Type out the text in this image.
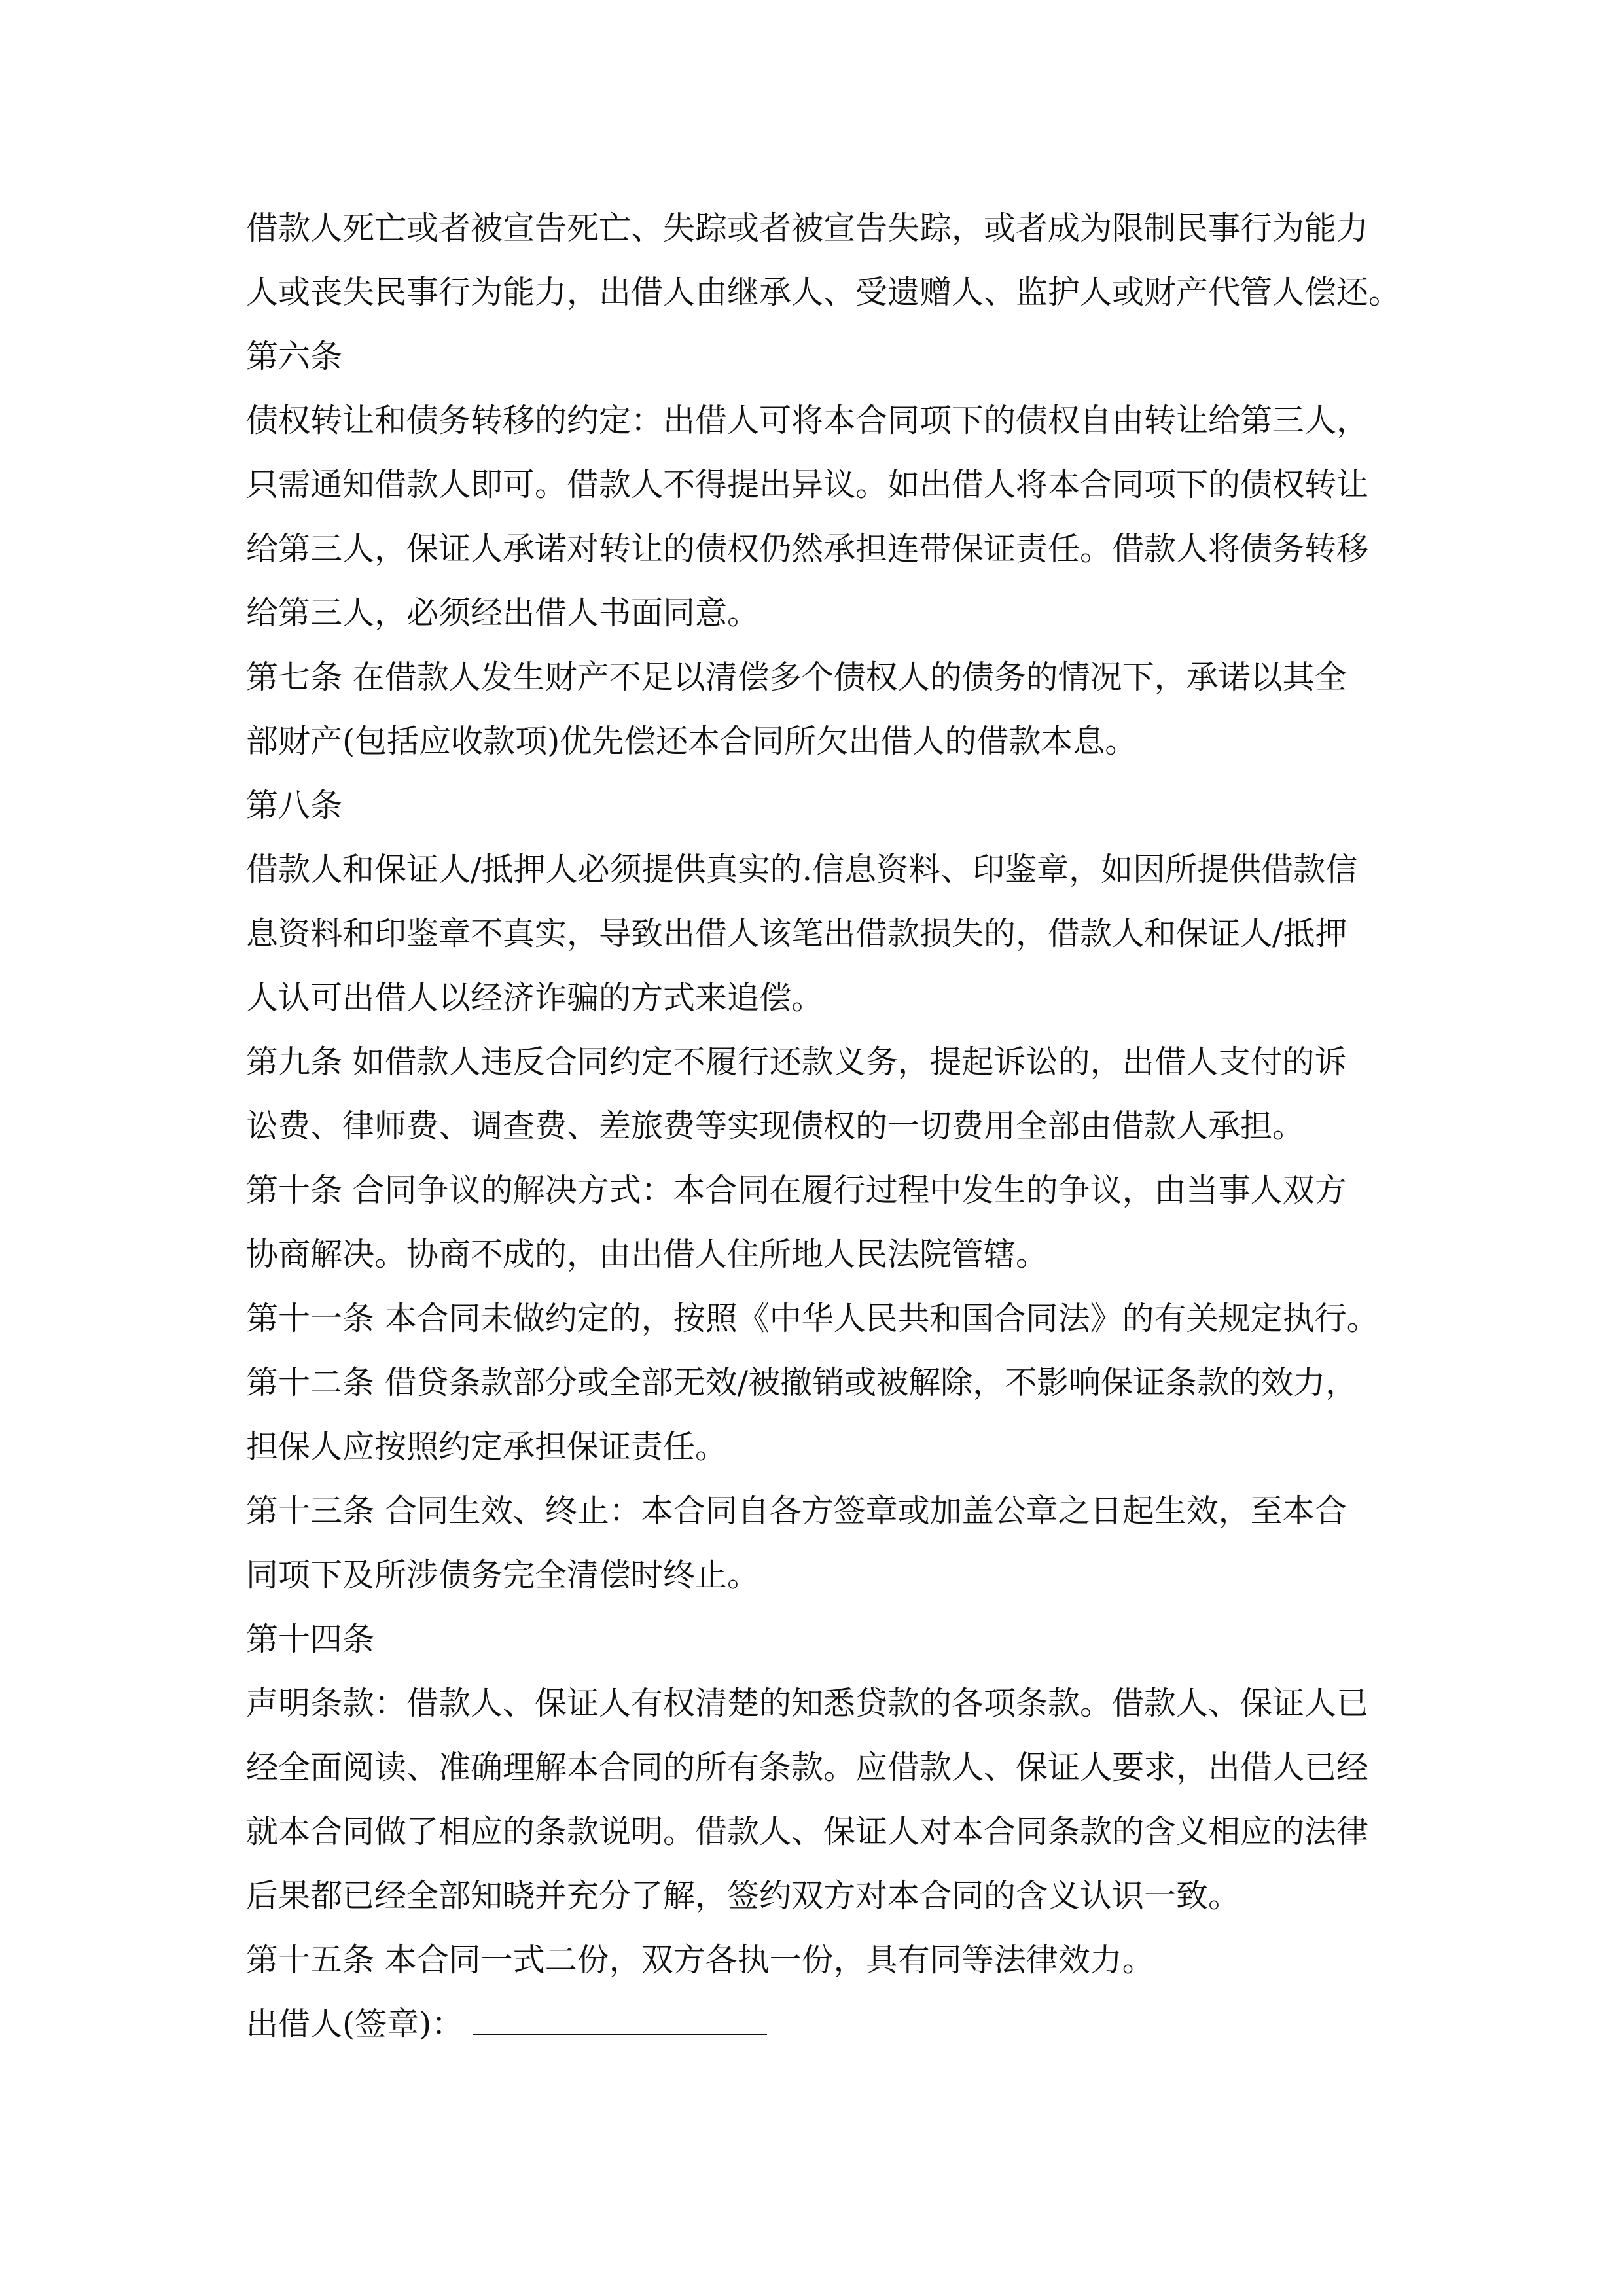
借款人死亡或者被宣告死亡、失踪或者被宣告失踪，或者成为限制民事行为能力
人或丧失民事行为能力，出借人由继承人、受遗赠人、监护人或财产代管人偿还。
第六条
债权转让和债务转移的约定：出借人可将本合同项下的债权自由转让给第三人，
只需通知借款人即可。借款人不得提出异议。如出借人将本合同项下的债权转让
给第三人，保证人承诺对转让的债权仍然承担连带保证责任。借款人将债务转移
给第三人，必须经出借人书面同意。
第七条 在借款人发生财产不足以清偿多个债权人的债务的情况下，承诺以其全
部财产(包括应收款项)优先偿还本合同所欠出借人的借款本息。
第八条
借款人和保证人/抵押人必须提供真实的.信息资料、印鉴章，如因所提供借款信
息资料和印鉴章不真实，导致出借人该笔出借款损失的，借款人和保证人/抵押
人认可出借人以经济诈骗的方式来追偿。
第九条 如借款人违反合同约定不履行还款义务，提起诉讼的，出借人支付的诉
讼费、律师费、调查费、差旅费等实现债权的一切费用全部由借款人承担。
第十条 合同争议的解决方式：本合同在履行过程中发生的争议，由当事人双方
协商解决。协商不成的，由出借人住所地人民法院管辖。
第十一条 本合同未做约定的，按照《中华人民共和国合同法》的有关规定执行。
第十二条 借贷条款部分或全部无效/被撤销或被解除，不影响保证条款的效力，
担保人应按照约定承担保证责任。
第十三条 合同生效、终止：本合同自各方签章或加盖公章之日起生效，至本合
同项下及所涉债务完全清偿时终止。
第十四条
声明条款：借款人、保证人有权清楚的知悉贷款的各项条款。借款人、保证人已
经全面阅读、准确理解本合同的所有条款。应借款人、保证人要求，出借人已经
就本合同做了相应的条款说明。借款人、保证人对本合同条款的含义相应的法律
后果都已经全部知晓并充分了解，签约双方对本合同的含义认识一致。
第十五条 本合同一式二份，双方各执一份，具有同等法律效力。
出借人(签章)：
